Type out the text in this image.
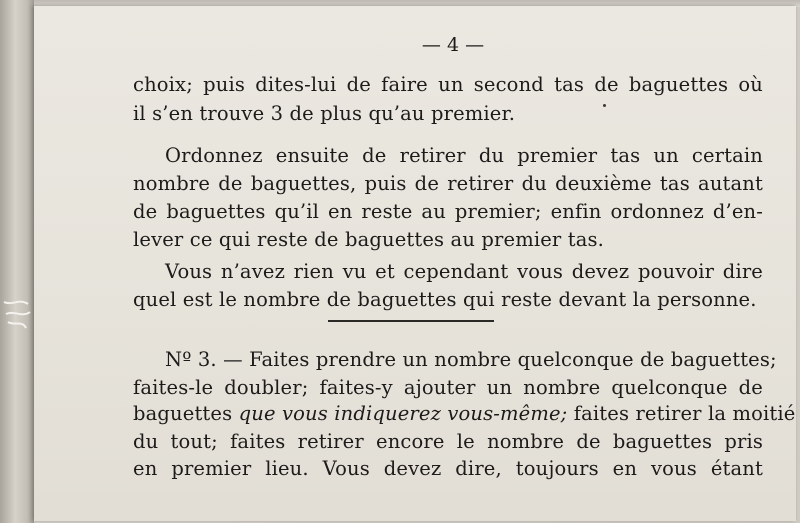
— 4 —
choix; puis dites-lui de faire un second tas de baguettes où
il s’en trouve 3 de plus qu’au premier.
Ordonnez ensuite de retirer du premier tas un certain
nombre de baguettes, puis de retirer du deuxième tas autant
de baguettes qu’il en reste au premier; enfin ordonnez d’en-
lever ce qui reste de baguettes au premier tas.
Vous n’avez rien vu et cependant vous devez pouvoir dire
quel est le nombre de baguettes qui reste devant la personne.
Nº 3. — Faites prendre un nombre quelconque de baguettes;
faites-le doubler; faites-y ajouter un nombre quelconque de
baguettes que vous indiquerez vous-même; faites retirer la moitié
du tout; faites retirer encore le nombre de baguettes pris
en premier lieu. Vous devez dire, toujours en vous étant
